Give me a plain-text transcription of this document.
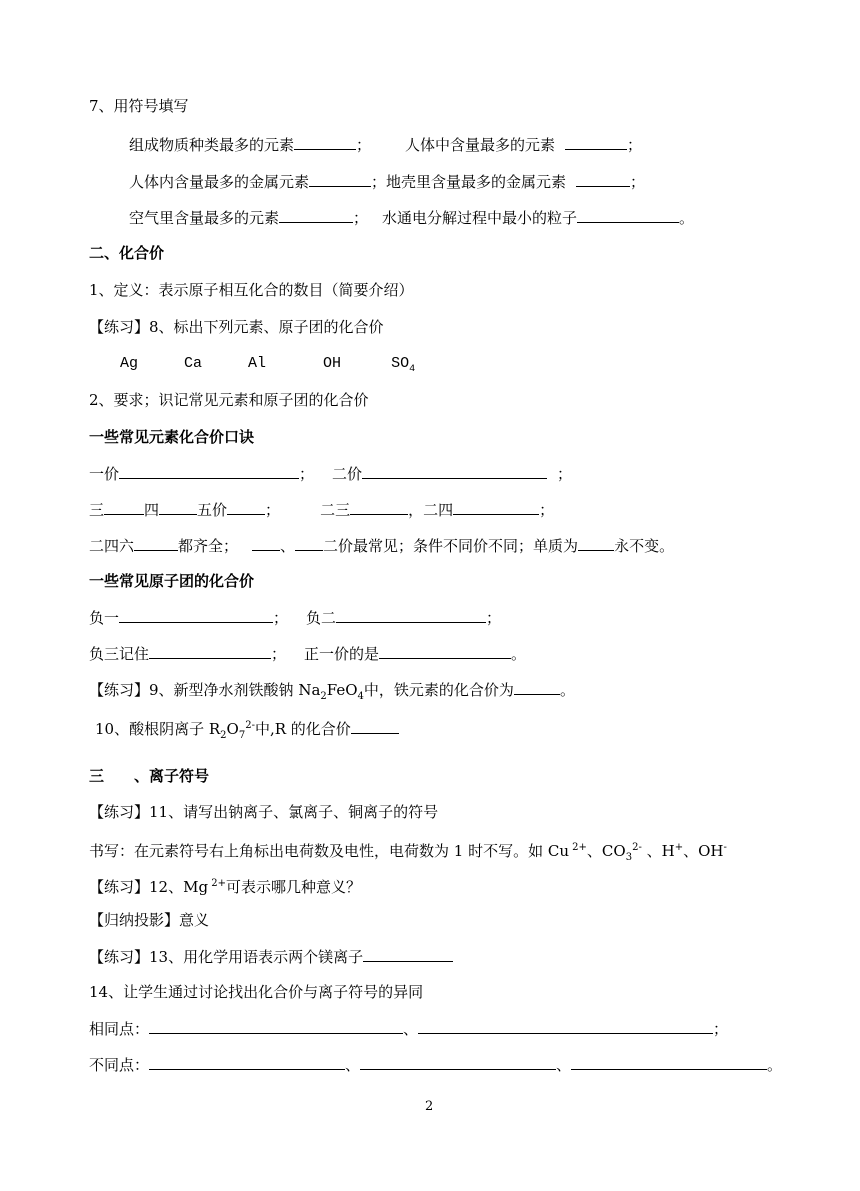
7、用符号填写
组成物质种类最多的元素	； 人体中含量最多的元素	；
人体内含量最多的金属元素	；地壳里含量最多的金属元素	；
空气里含量最多的元素	； 水通电分解过程中最小的粒子	。
二、化合价
1、定义：表示原子相互化合的数目（简要介绍）
【练习】8、标出下列元素、原子团的化合价
Ag	Ca	Al	OH	$SO_4$
2、要求；识记常见元素和原子团的化合价
一些常见元素化合价口诀
一价	； 二价	；
三	四	五价	；	二三	，二四	；
二四六	都齐全；	、 二价最常见；条件不同价不同；单质为 永不变。
一些常见原子团的化合价
负一	； 负二	；
负三记住	； 正一价的是	。
【练习】9、新型净水剂铁酸钠 $Na_2FeO_4$中，铁元素的化合价为	。
10、酸根阴离子 $R_2O_7^{2-}$中,R 的化合价
三 、离子符号
【练习】11、请写出钠离子、氯离子、铜离子的符号
书写：在元素符号右上角标出电荷数及电性，电荷数为 1 时不写。如 Cu $^{2+}$、$CO_3^{2-}$ 、H+、OH-
【练习】12、Mg $^{2+}$可表示哪几种意义？
【归纳投影】意义
【练习】13、用化学用语表示两个镁离子
14、让学生通过讨论找出化合价与离子符号的异同
相同点：	、	；
不同点：	、	、	。
2
